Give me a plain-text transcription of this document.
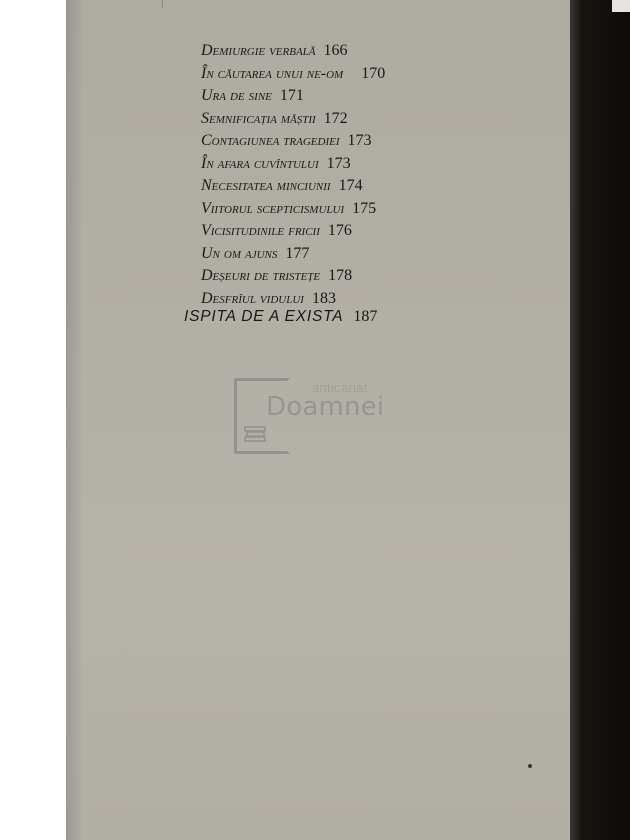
Demiurgie verbală 166
În căutarea unui ne-om 170
Ura de sine 171
Semnificația măștii 172
Contagiunea tragediei 173
În afara cuvîntului 173
Necesitatea minciunii 174
Viitorul scepticismului 175
Vicisitudinile fricii 176
Un om ajuns 177
Deșeuri de tristețe 178
Desfrîul vidului 183
ISPITA DE A EXISTA 187
anticariat
Doamnei
